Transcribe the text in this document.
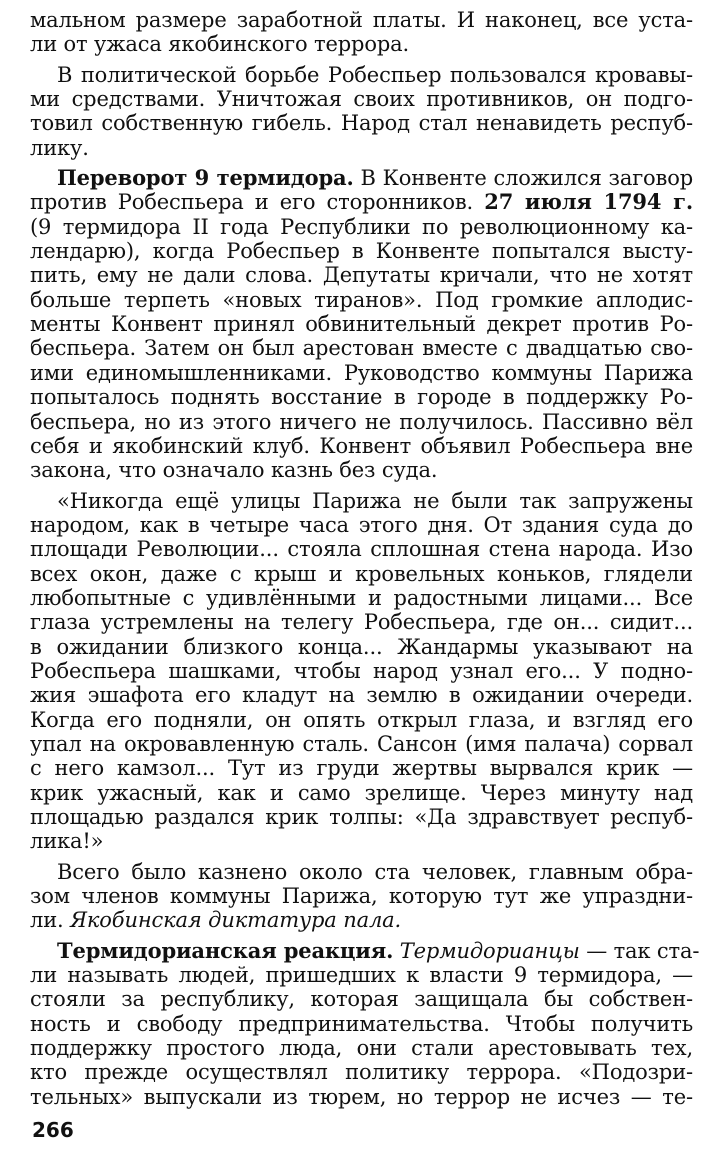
мальном размере заработной платы. И наконец, все уста-
ли от ужаса якобинского террора.
В политической борьбе Робеспьер пользовался кровавы-
ми средствами. Уничтожая своих противников, он подго-
товил собственную гибель. Народ стал ненавидеть респуб-
лику.
Переворот 9 термидора. В Конвенте сложился заговор
против Робеспьера и его сторонников. 27 июля 1794 г.
(9 термидора II года Республики по революционному ка-
лендарю), когда Робеспьер в Конвенте попытался высту-
пить, ему не дали слова. Депутаты кричали, что не хотят
больше терпеть «новых тиранов». Под громкие аплодис-
менты Конвент принял обвинительный декрет против Ро-
беспьера. Затем он был арестован вместе с двадцатью сво-
ими единомышленниками. Руководство коммуны Парижа
попыталось поднять восстание в городе в поддержку Ро-
беспьера, но из этого ничего не получилось. Пассивно вёл
себя и якобинский клуб. Конвент объявил Робеспьера вне
закона, что означало казнь без суда.
«Никогда ещё улицы Парижа не были так запружены
народом, как в четыре часа этого дня. От здания суда до
площади Революции... стояла сплошная стена народа. Изо
всех окон, даже с крыш и кровельных коньков, глядели
любопытные с удивлёнными и радостными лицами... Все
глаза устремлены на телегу Робеспьера, где он... сидит...
в ожидании близкого конца... Жандармы указывают на
Робеспьера шашками, чтобы народ узнал его... У подно-
жия эшафота его кладут на землю в ожидании очереди.
Когда его подняли, он опять открыл глаза, и взгляд его
упал на окровавленную сталь. Сансон (имя палача) сорвал
с него камзол... Тут из груди жертвы вырвался крик —
крик ужасный, как и само зрелище. Через минуту над
площадью раздался крик толпы: «Да здравствует респуб-
лика!»
Всего было казнено около ста человек, главным обра-
зом членов коммуны Парижа, которую тут же упраздни-
ли. Якобинская диктатура пала.
Термидорианская реакция. Термидорианцы — так ста-
ли называть людей, пришедших к власти 9 термидора, —
стояли за республику, которая защищала бы собствен-
ность и свободу предпринимательства. Чтобы получить
поддержку простого люда, они стали арестовывать тех,
кто прежде осуществлял политику террора. «Подозри-
тельных» выпускали из тюрем, но террор не исчез — те-
266
